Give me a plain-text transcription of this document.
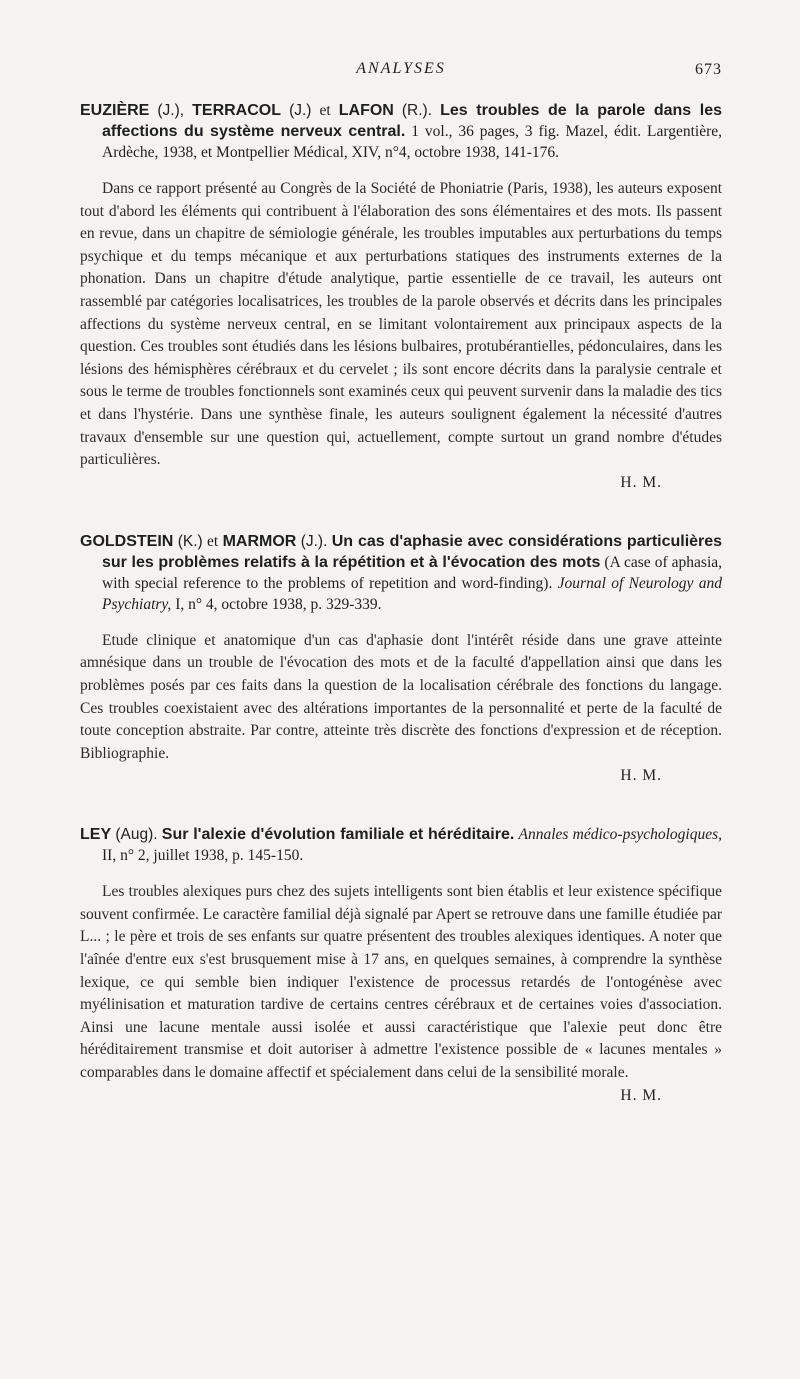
ANALYSES	673

EUZIÈRE (J.), TERRACOL (J.) et LAFON (R.). Les troubles de la parole dans les affections du système nerveux central. 1 vol., 36 pages, 3 fig. Mazel, édit. Largentière, Ardèche, 1938, et Montpellier Médical, XIV, n°4, octobre 1938, 141-176.

Dans ce rapport présenté au Congrès de la Société de Phoniatrie (Paris, 1938), les auteurs exposent tout d'abord les éléments qui contribuent à l'élaboration des sons élémentaires et des mots. Ils passent en revue, dans un chapitre de sémiologie générale, les troubles imputables aux perturbations du temps psychique et du temps mécanique et aux perturbations statiques des instruments externes de la phonation. Dans un chapitre d'étude analytique, partie essentielle de ce travail, les auteurs ont rassemblé par catégories localisatrices, les troubles de la parole observés et décrits dans les principales affections du système nerveux central, en se limitant volontairement aux principaux aspects de la question. Ces troubles sont étudiés dans les lésions bulbaires, protubérantielles, pédonculaires, dans les lésions des hémisphères cérébraux et du cervelet ; ils sont encore décrits dans la paralysie centrale et sous le terme de troubles fonctionnels sont examinés ceux qui peuvent survenir dans la maladie des tics et dans l'hystérie. Dans une synthèse finale, les auteurs soulignent également la nécessité d'autres travaux d'ensemble sur une question qui, actuellement, compte surtout un grand nombre d'études particulières.

H. M.

GOLDSTEIN (K.) et MARMOR (J.). Un cas d'aphasie avec considérations particulières sur les problèmes relatifs à la répétition et à l'évocation des mots (A case of aphasia, with special reference to the problems of repetition and word-finding). Journal of Neurology and Psychiatry, I, n° 4, octobre 1938, p. 329-339.

Etude clinique et anatomique d'un cas d'aphasie dont l'intérêt réside dans une grave atteinte amnésique dans un trouble de l'évocation des mots et de la faculté d'appellation ainsi que dans les problèmes posés par ces faits dans la question de la localisation cérébrale des fonctions du langage. Ces troubles coexistaient avec des altérations importantes de la personnalité et perte de la faculté de toute conception abstraite. Par contre, atteinte très discrète des fonctions d'expression et de réception. Bibliographie.

H. M.

LEY (Aug). Sur l'alexie d'évolution familiale et héréditaire. Annales médico-psychologiques, II, n° 2, juillet 1938, p. 145-150.

Les troubles alexiques purs chez des sujets intelligents sont bien établis et leur existence spécifique souvent confirmée. Le caractère familial déjà signalé par Apert se retrouve dans une famille étudiée par L... ; le père et trois de ses enfants sur quatre présentent des troubles alexiques identiques. A noter que l'aînée d'entre eux s'est brusquement mise à 17 ans, en quelques semaines, à comprendre la synthèse lexique, ce qui semble bien indiquer l'existence de processus retardés de l'ontogénèse avec myélinisation et maturation tardive de certains centres cérébraux et de certaines voies d'association. Ainsi une lacune mentale aussi isolée et aussi caractéristique que l'alexie peut donc être héréditairement transmise et doit autoriser à admettre l'existence possible de « lacunes mentales » comparables dans le domaine affectif et spécialement dans celui de la sensibilité morale.

H. M.
